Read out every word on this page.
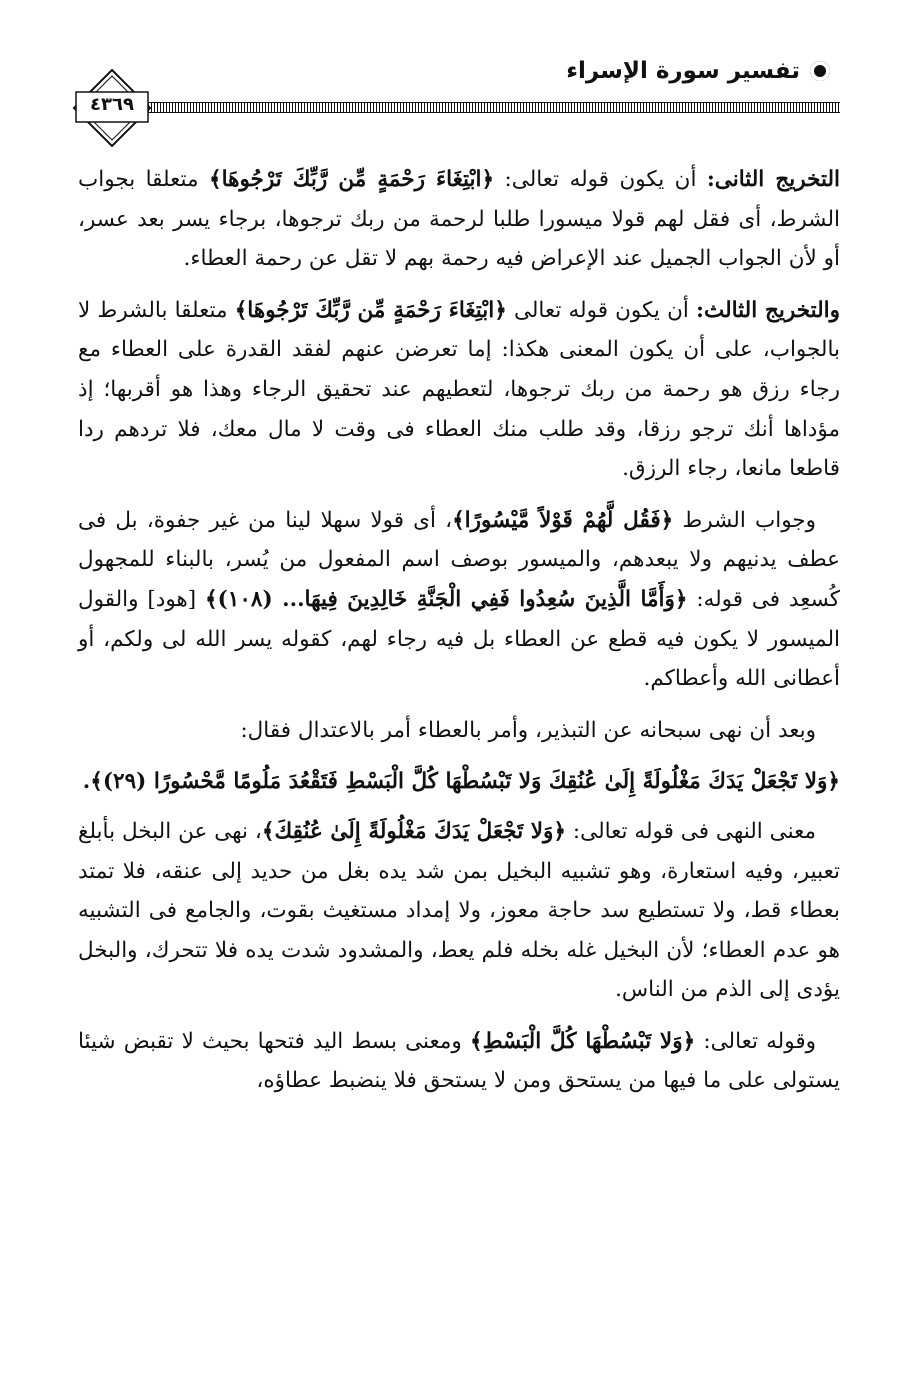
تفسير سورة الإسراء
٤٣٦٩

التخريج الثانى: أن يكون قوله تعالى: ﴿ابْتِغَاءَ رَحْمَةٍ مِّن رَّبِّكَ تَرْجُوهَا﴾ متعلقا بجواب الشرط، أى فقل لهم قولا ميسورا طلبا لرحمة من ربك ترجوها، برجاء يسر بعد عسر، أو لأن الجواب الجميل عند الإعراض فيه رحمة بهم لا تقل عن رحمة العطاء.

والتخريج الثالث: أن يكون قوله تعالى ﴿ابْتِغَاءَ رَحْمَةٍ مِّن رَّبِّكَ تَرْجُوهَا﴾ متعلقا بالشرط لا بالجواب، على أن يكون المعنى هكذا: إما تعرضن عنهم لفقد القدرة على العطاء مع رجاء رزق هو رحمة من ربك ترجوها، لتعطيهم عند تحقيق الرجاء وهذا هو أقربها؛ إذ مؤداها أنك ترجو رزقا، وقد طلب منك العطاء فى وقت لا مال معك، فلا تردهم ردا قاطعا مانعا، رجاء الرزق.

وجواب الشرط ﴿فَقُل لَّهُمْ قَوْلاً مَّيْسُورًا﴾، أى قولا سهلا لينا من غير جفوة، بل فى عطف يدنيهم ولا يبعدهم، والميسور بوصف اسم المفعول من يُسر، بالبناء للمجهول كُسعِد فى قوله: ﴿وَأَمَّا الَّذِينَ سُعِدُوا فَفِي الْجَنَّةِ خَالِدِينَ فِيهَا... (١٠٨)﴾ [هود] والقول الميسور لا يكون فيه قطع عن العطاء بل فيه رجاء لهم، كقوله يسر الله لى ولكم، أو أعطانى الله وأعطاكم.

وبعد أن نهى سبحانه عن التبذير، وأمر بالعطاء أمر بالاعتدال فقال:

﴿وَلا تَجْعَلْ يَدَكَ مَغْلُولَةً إِلَىٰ عُنُقِكَ وَلا تَبْسُطْهَا كُلَّ الْبَسْطِ فَتَقْعُدَ مَلُومًا مَّحْسُورًا (٢٩)﴾.

معنى النهى فى قوله تعالى: ﴿وَلا تَجْعَلْ يَدَكَ مَغْلُولَةً إِلَىٰ عُنُقِكَ﴾، نهى عن البخل بأبلغ تعبير، وفيه استعارة، وهو تشبيه البخيل بمن شد يده بغل من حديد إلى عنقه، فلا تمتد بعطاء قط، ولا تستطيع سد حاجة معوز، ولا إمداد مستغيث بقوت، والجامع فى التشبيه هو عدم العطاء؛ لأن البخيل غله بخله فلم يعط، والمشدود شدت يده فلا تتحرك، والبخل يؤدى إلى الذم من الناس.

وقوله تعالى: ﴿وَلا تَبْسُطْهَا كُلَّ الْبَسْطِ﴾ ومعنى بسط اليد فتحها بحيث لا تقبض شيئا يستولى على ما فيها من يستحق ومن لا يستحق فلا ينضبط عطاؤه،
